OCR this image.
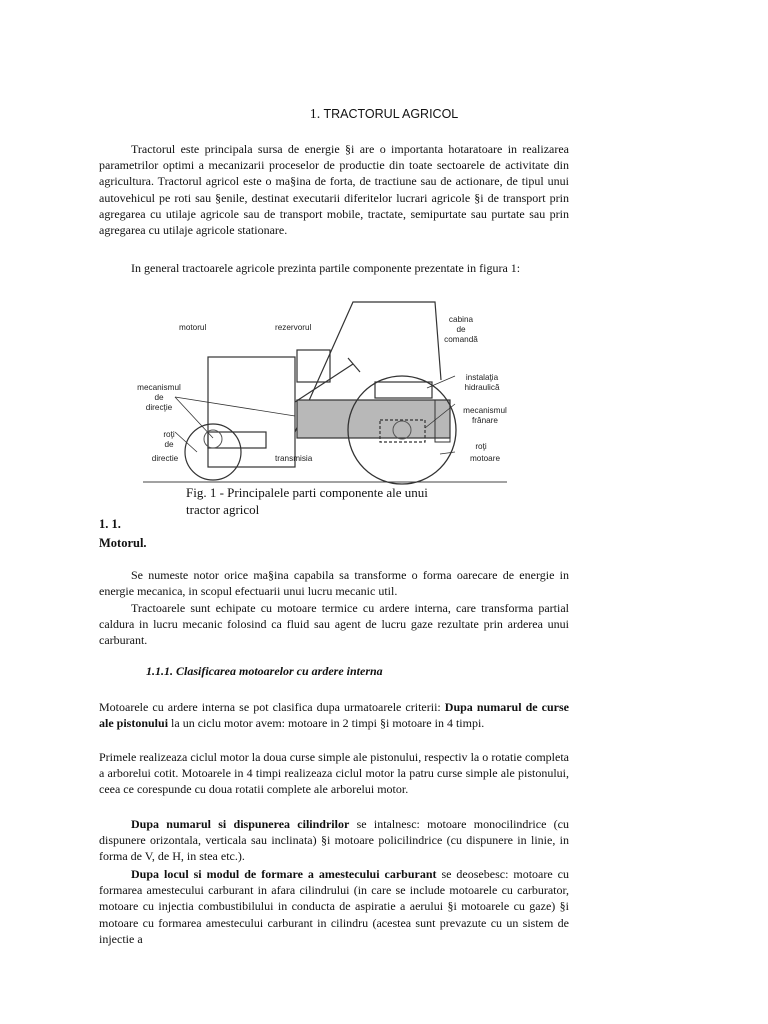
1. TRACTORUL AGRICOL

Tractorul este principala sursa de energie §i are o importanta hotaratoare in realizarea parametrilor optimi a mecanizarii proceselor de productie din toate sectoarele de activitate din agricultura. Tractorul agricol este o ma§ina de forta, de tractiune sau de actionare, de tipul unui autovehicul pe roti sau §enile, destinat executarii diferitelor lucrari agricole §i de transport prin agregarea cu utilaje agricole sau de transport mobile, tractate, semipurtate sau purtate sau prin agregarea cu utilaje agricole stationare.

In general tractoarele agricole prezinta partile componente prezentate in figura 1:

motorul	rezervorul
cabina
de
comandă
mecanismul
de
direcţie
roţi
de
directie	transmisia
instalaţia
hidraulică
mecanismul
frânare
roţi
motoare
Fig. 1 - Principalele parti componente ale unui
tractor agricol
1. 1.
Motorul.

Se numeste notor orice ma§ina capabila sa transforme o forma oarecare de energie in energie mecanica, in scopul efectuarii unui lucru mecanic util.

Tractoarele sunt echipate cu motoare termice cu ardere interna, care transforma partial caldura in lucru mecanic folosind ca fluid sau agent de lucru gaze rezultate prin arderea unui carburant.

1.1.1. Clasificarea motoarelor cu ardere interna

Motoarele cu ardere interna se pot clasifica dupa urmatoarele criterii: Dupa numarul de curse ale pistonului la un ciclu motor avem: motoare in 2 timpi §i motoare in 4 timpi.

Primele realizeaza ciclul motor la doua curse simple ale pistonului, respectiv la o rotatie completa a arborelui cotit. Motoarele in 4 timpi realizeaza ciclul motor la patru curse simple ale pistonului, ceea ce corespunde cu doua rotatii complete ale arborelui motor.

Dupa numarul si dispunerea cilindrilor se intalnesc: motoare monocilindrice (cu dispunere orizontala, verticala sau inclinata) §i motoare policilindrice (cu dispunere in linie, in forma de V, de H, in stea etc.).

Dupa locul si modul de formare a amestecului carburant se deosebesc: motoare cu formarea amestecului carburant in afara cilindrului (in care se include motoarele cu carburator, motoare cu injectia combustibilului in conducta de aspiratie a aerului §i motoarele cu gaze) §i motoare cu formarea amestecului carburant in cilindru (acestea sunt prevazute cu un sistem de injectie a
